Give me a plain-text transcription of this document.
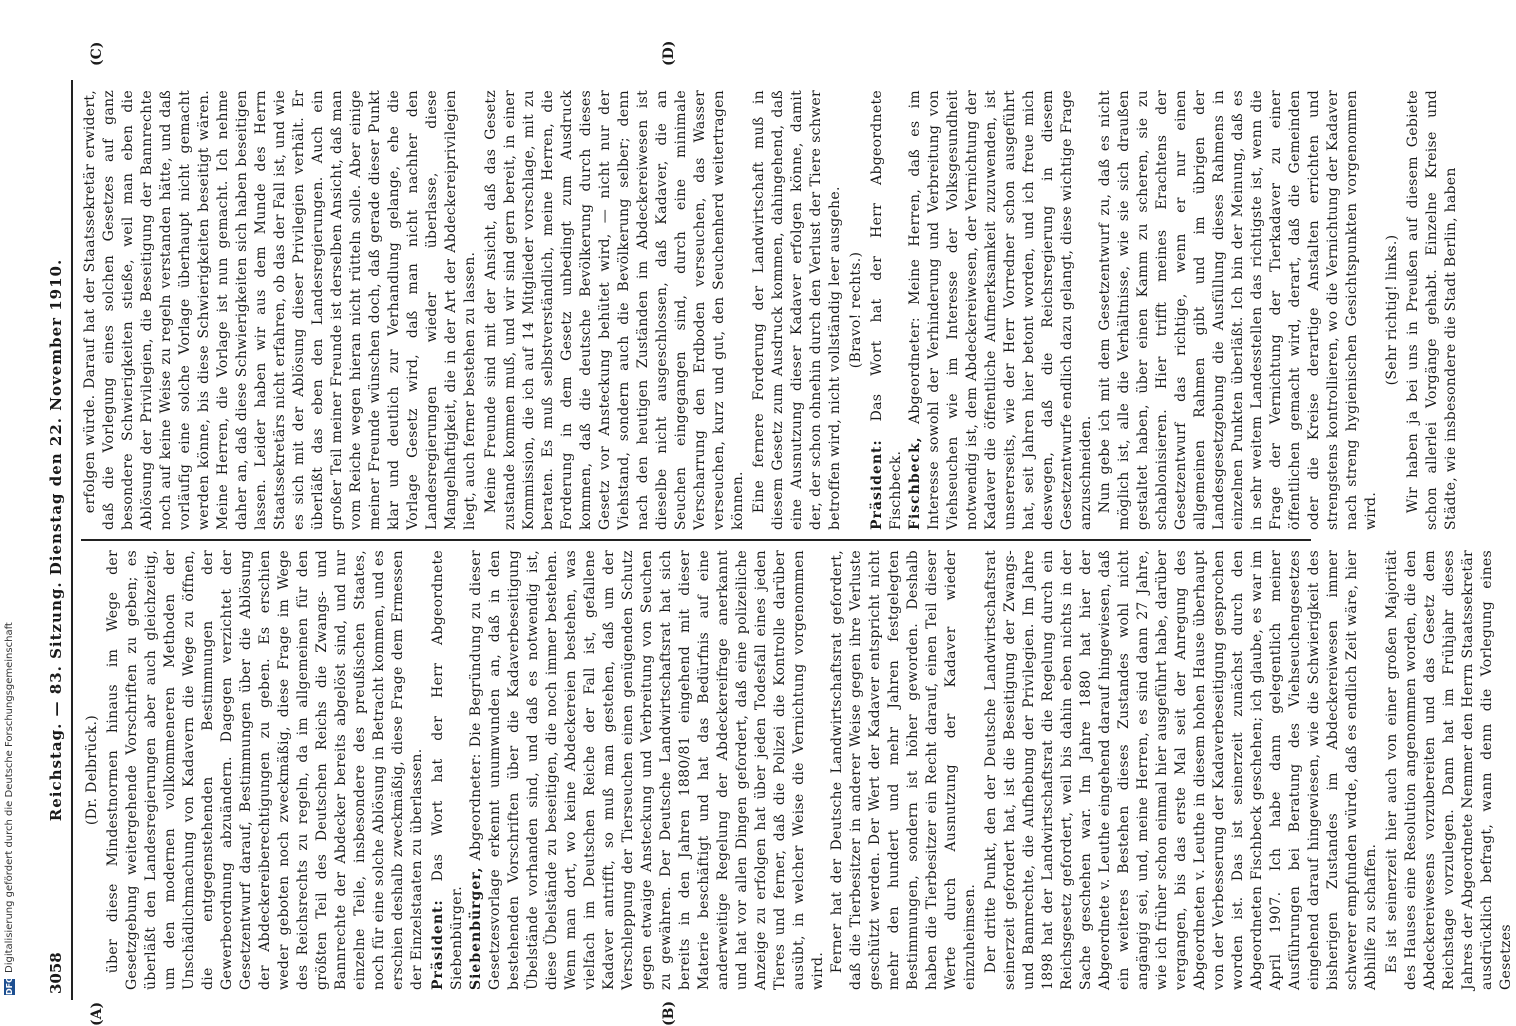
3058
Reichstag. — 83. Sitzung. Dienstag den 22. November 1910.
(A)	(B)
(C)	(D)

(Dr. Delbrück.) über diese Mindestnormen hinaus im Wege der Gesetzgebung weitergehende Vorschriften zu geben; es überläßt den Landesregierungen aber auch gleichzeitig, um den modernen vollkommeneren Methoden der Unschädlichmachung von Kadavern die Wege zu öffnen, die entgegenstehenden Bestimmungen der Gewerbeordnung abzuändern. Dagegen verzichtet der Gesetzentwurf darauf, Bestimmungen über die Ablösung der Abdeckereiberechtigungen zu geben. Es erschien weder geboten noch zweckmäßig, diese Frage im Wege des Reichsrechts zu regeln, da im allgemeinen für den größten Teil des Deutschen Reichs die Zwangs- und Bannrechte der Abdecker bereits abgelöst sind, und nur einzelne Teile, insbesondere des preußischen Staates, noch für eine solche Ablösung in Betracht kommen, und es erschien deshalb zweckmäßig, diese Frage dem Ermessen der Einzelstaaten zu überlassen. Präsident: Das Wort hat der Herr Abgeordnete Siebenbürger. Siebenbürger, Abgeordneter: Die Begründung zu dieser Gesetzesvorlage erkennt unumwunden an, daß in den bestehenden Vorschriften über die Kadaverbeseitigung Übelstände vorhanden sind, und daß es notwendig ist, diese Übelstände zu beseitigen, die noch immer bestehen. Wenn man dort, wo keine Abdeckereien bestehen, was vielfach im Deutschen Reiche der Fall ist, gefallene Kadaver antrifft, so muß man gestehen, daß um der Verschleppung der Tierseuchen einen genügenden Schutz gegen etwaige Ansteckung und Verbreitung von Seuchen zu gewähren. Der Deutsche Landwirtschaftsrat hat sich bereits in den Jahren 1880/81 eingehend mit dieser Materie beschäftigt und hat das Bedürfnis auf eine anderweitige Regelung der Abdeckereifrage anerkannt und hat vor allen Dingen gefordert, daß eine polizeiliche Anzeige zu erfolgen hat über jeden Todesfall eines jeden Tieres und ferner, daß die Polizei die Kontrolle darüber ausübt, in welcher Weise die Vernichtung vorgenommen wird. Ferner hat der Deutsche Landwirtschaftsrat gefordert, daß die Tierbesitzer in anderer Weise gegen ihre Verluste geschützt werden. Der Wert der Kadaver entspricht nicht mehr den hundert und mehr Jahren festgelegten Bestimmungen, sondern ist höher geworden. Deshalb haben die Tierbesitzer ein Recht darauf, einen Teil dieser Werte durch Ausnutzung der Kadaver wieder einzuheimsen. Der dritte Punkt, den der Deutsche Landwirtschaftsrat seinerzeit gefordert hat, ist die Beseitigung der Zwangs- und Bannrechte, die Aufhebung der Privilegien. Im Jahre 1898 hat der Landwirtschaftsrat die Regelung durch ein Reichsgesetz gefordert, weil bis dahin eben nichts in der Sache geschehen war. Im Jahre 1880 hat hier der Abgeordnete v. Leuthe eingehend darauf hingewiesen, daß ein weiteres Bestehen dieses Zustandes wohl nicht angängig sei, und, meine Herren, es sind dann 27 Jahre, wie ich früher schon einmal hier ausgeführt habe, darüber vergangen, bis das erste Mal seit der Anregung des Abgeordneten v. Leuthe in diesem hohen Hause überhaupt von der Verbesserung der Kadaverbeseitigung gesprochen worden ist. Das ist seinerzeit zunächst durch den Abgeordneten Fischbeck geschehen; ich glaube, es war im April 1907. Ich habe dann gelegentlich meiner Ausführungen bei Beratung des Viehseuchengesetzes eingehend darauf hingewiesen, wie die Schwierigkeit des bisherigen Zustandes im Abdeckereiwesen immer schwerer empfunden würde, daß es endlich Zeit wäre, hier Abhilfe zu schaffen. Es ist seinerzeit hier auch von einer großen Majorität des Hauses eine Resolution angenommen worden, die den Abdeckereiwesens vorzubereiten und das Gesetz dem Reichstage vorzulegen. Dann hat im Frühjahr dieses Jahres der Abgeordnete Nemmer den Herrn Staatssekretär ausdrücklich befragt, wann denn die Vorlegung eines Gesetzes

erfolgen würde. Darauf hat der Staatssekretär erwidert, daß die Vorlegung eines solchen Gesetzes auf ganz besondere Schwierigkeiten stieße, weil man eben die Ablösung der Privilegien, die Beseitigung der Bannrechte noch auf keine Weise zu regeln verstanden hätte, und daß vorläufig eine solche Vorlage überhaupt nicht gemacht werden könne, bis diese Schwierigkeiten beseitigt wären. Meine Herren, die Vorlage ist nun gemacht. Ich nehme daher an, daß diese Schwierigkeiten sich haben beseitigen lassen. Leider haben wir aus dem Munde des Herrn Staatssekretärs nicht erfahren, ob das der Fall ist, und wie es sich mit der Ablösung dieser Privilegien verhält. Er überläßt das eben den Landesregierungen. Auch ein großer Teil meiner Freunde ist derselben Ansicht, daß man vom Reiche wegen hieran nicht rütteln solle. Aber einige meiner Freunde wünschen doch, daß gerade dieser Punkt klar und deutlich zur Verhandlung gelange, ehe die Vorlage Gesetz wird, daß man nicht nachher den Landesregierungen wieder überlasse, diese Mangelhaftigkeit, die in der Art der Abdeckereiprivilegien liegt, auch ferner bestehen zu lassen. Meine Freunde sind mit der Ansicht, daß das Gesetz zustande kommen muß, und wir sind gern bereit, in einer Kommission, die ich auf 14 Mitglieder vorschlage, mit zu beraten. Es muß selbstverständlich, meine Herren, die Forderung in dem Gesetz unbedingt zum Ausdruck kommen, daß die deutsche Bevölkerung durch dieses Gesetz vor Ansteckung behütet wird, — nicht nur der Viehstand, sondern auch die Bevölkerung selber; denn nach den heutigen Zuständen im Abdeckereiwesen ist dieselbe nicht ausgeschlossen, daß Kadaver, die an Seuchen eingegangen sind, durch eine minimale Verscharrung den Erdboden verseuchen, das Wasser verseuchen, kurz und gut, den Seuchenherd weitertragen können. Eine fernere Forderung der Landwirtschaft muß in diesem Gesetz zum Ausdruck kommen, dahingehend, daß eine Ausnutzung dieser Kadaver erfolgen könne, damit der, der schon ohnehin durch den Verlust der Tiere schwer betroffen wird, nicht vollständig leer ausgehe. (Bravo! rechts.)

Präsident: Das Wort hat der Herr Abgeordnete Fischbeck. Fischbeck, Abgeordneter: Meine Herren, daß es im Interesse sowohl der Verhinderung und Verbreitung von Viehseuchen wie im Interesse der Volksgesundheit notwendig ist, dem Abdeckereiwesen, der Vernichtung der Kadaver die öffentliche Aufmerksamkeit zuzuwenden, ist unsererseits, wie der Herr Vorredner schon ausgeführt hat, seit Jahren hier betont worden, und ich freue mich deswegen, daß die Reichsregierung in diesem Gesetzentwurfe endlich dazu gelangt, diese wichtige Frage anzuschneiden. Nun gebe ich mit dem Gesetzentwurf zu, daß es nicht möglich ist, alle die Verhältnisse, wie sie sich draußen gestaltet haben, über einen Kamm zu scheren, sie zu schablonisieren. Hier trifft meines Erachtens der Gesetzentwurf das richtige, wenn er nur einen allgemeinen Rahmen gibt und im übrigen der Landesgesetzgebung die Ausfüllung dieses Rahmens in einzelnen Punkten überläßt. Ich bin der Meinung, daß es in sehr weitem Landesstellen das richtigste ist, wenn die Frage der Vernichtung der Tierkadaver zu einer öffentlichen gemacht wird, derart, daß die Gemeinden oder die Kreise derartige Anstalten errichten und strengstens kontrollieren, wo die Vernichtung der Kadaver nach streng hygienischen Gesichtspunkten vorgenommen wird.

(Sehr richtig! links.) Wir haben ja bei uns in Preußen auf diesem Gebiete schon allerlei Vorgänge gehabt. Einzelne Kreise und Städte, wie insbesondere die Stadt Berlin, haben

DFG
Digitalisierung gefördert durch die Deutsche Forschungsgemeinschaft
